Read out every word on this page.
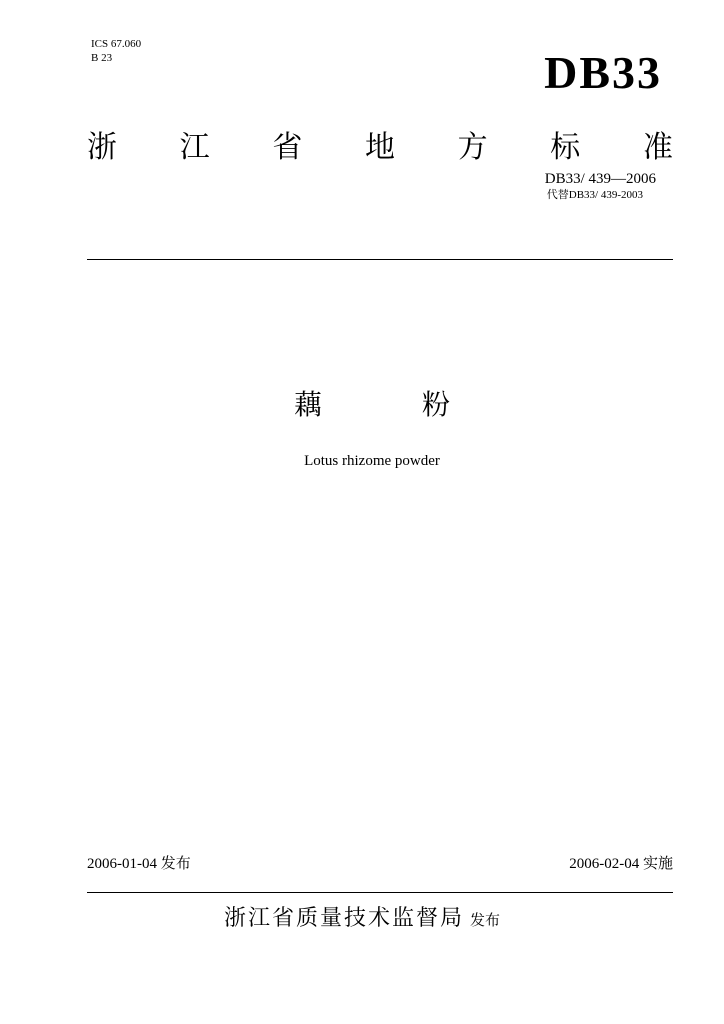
ICS 67.060
B 23	DB33
浙 江 省 地 方 标 准
DB33/ 439—2006
代替DB33/ 439-2003
藕	粉
Lotus rhizome powder
2006-01-04 发布	2006-02-04 实施
浙江省质量技术监督局 发布
